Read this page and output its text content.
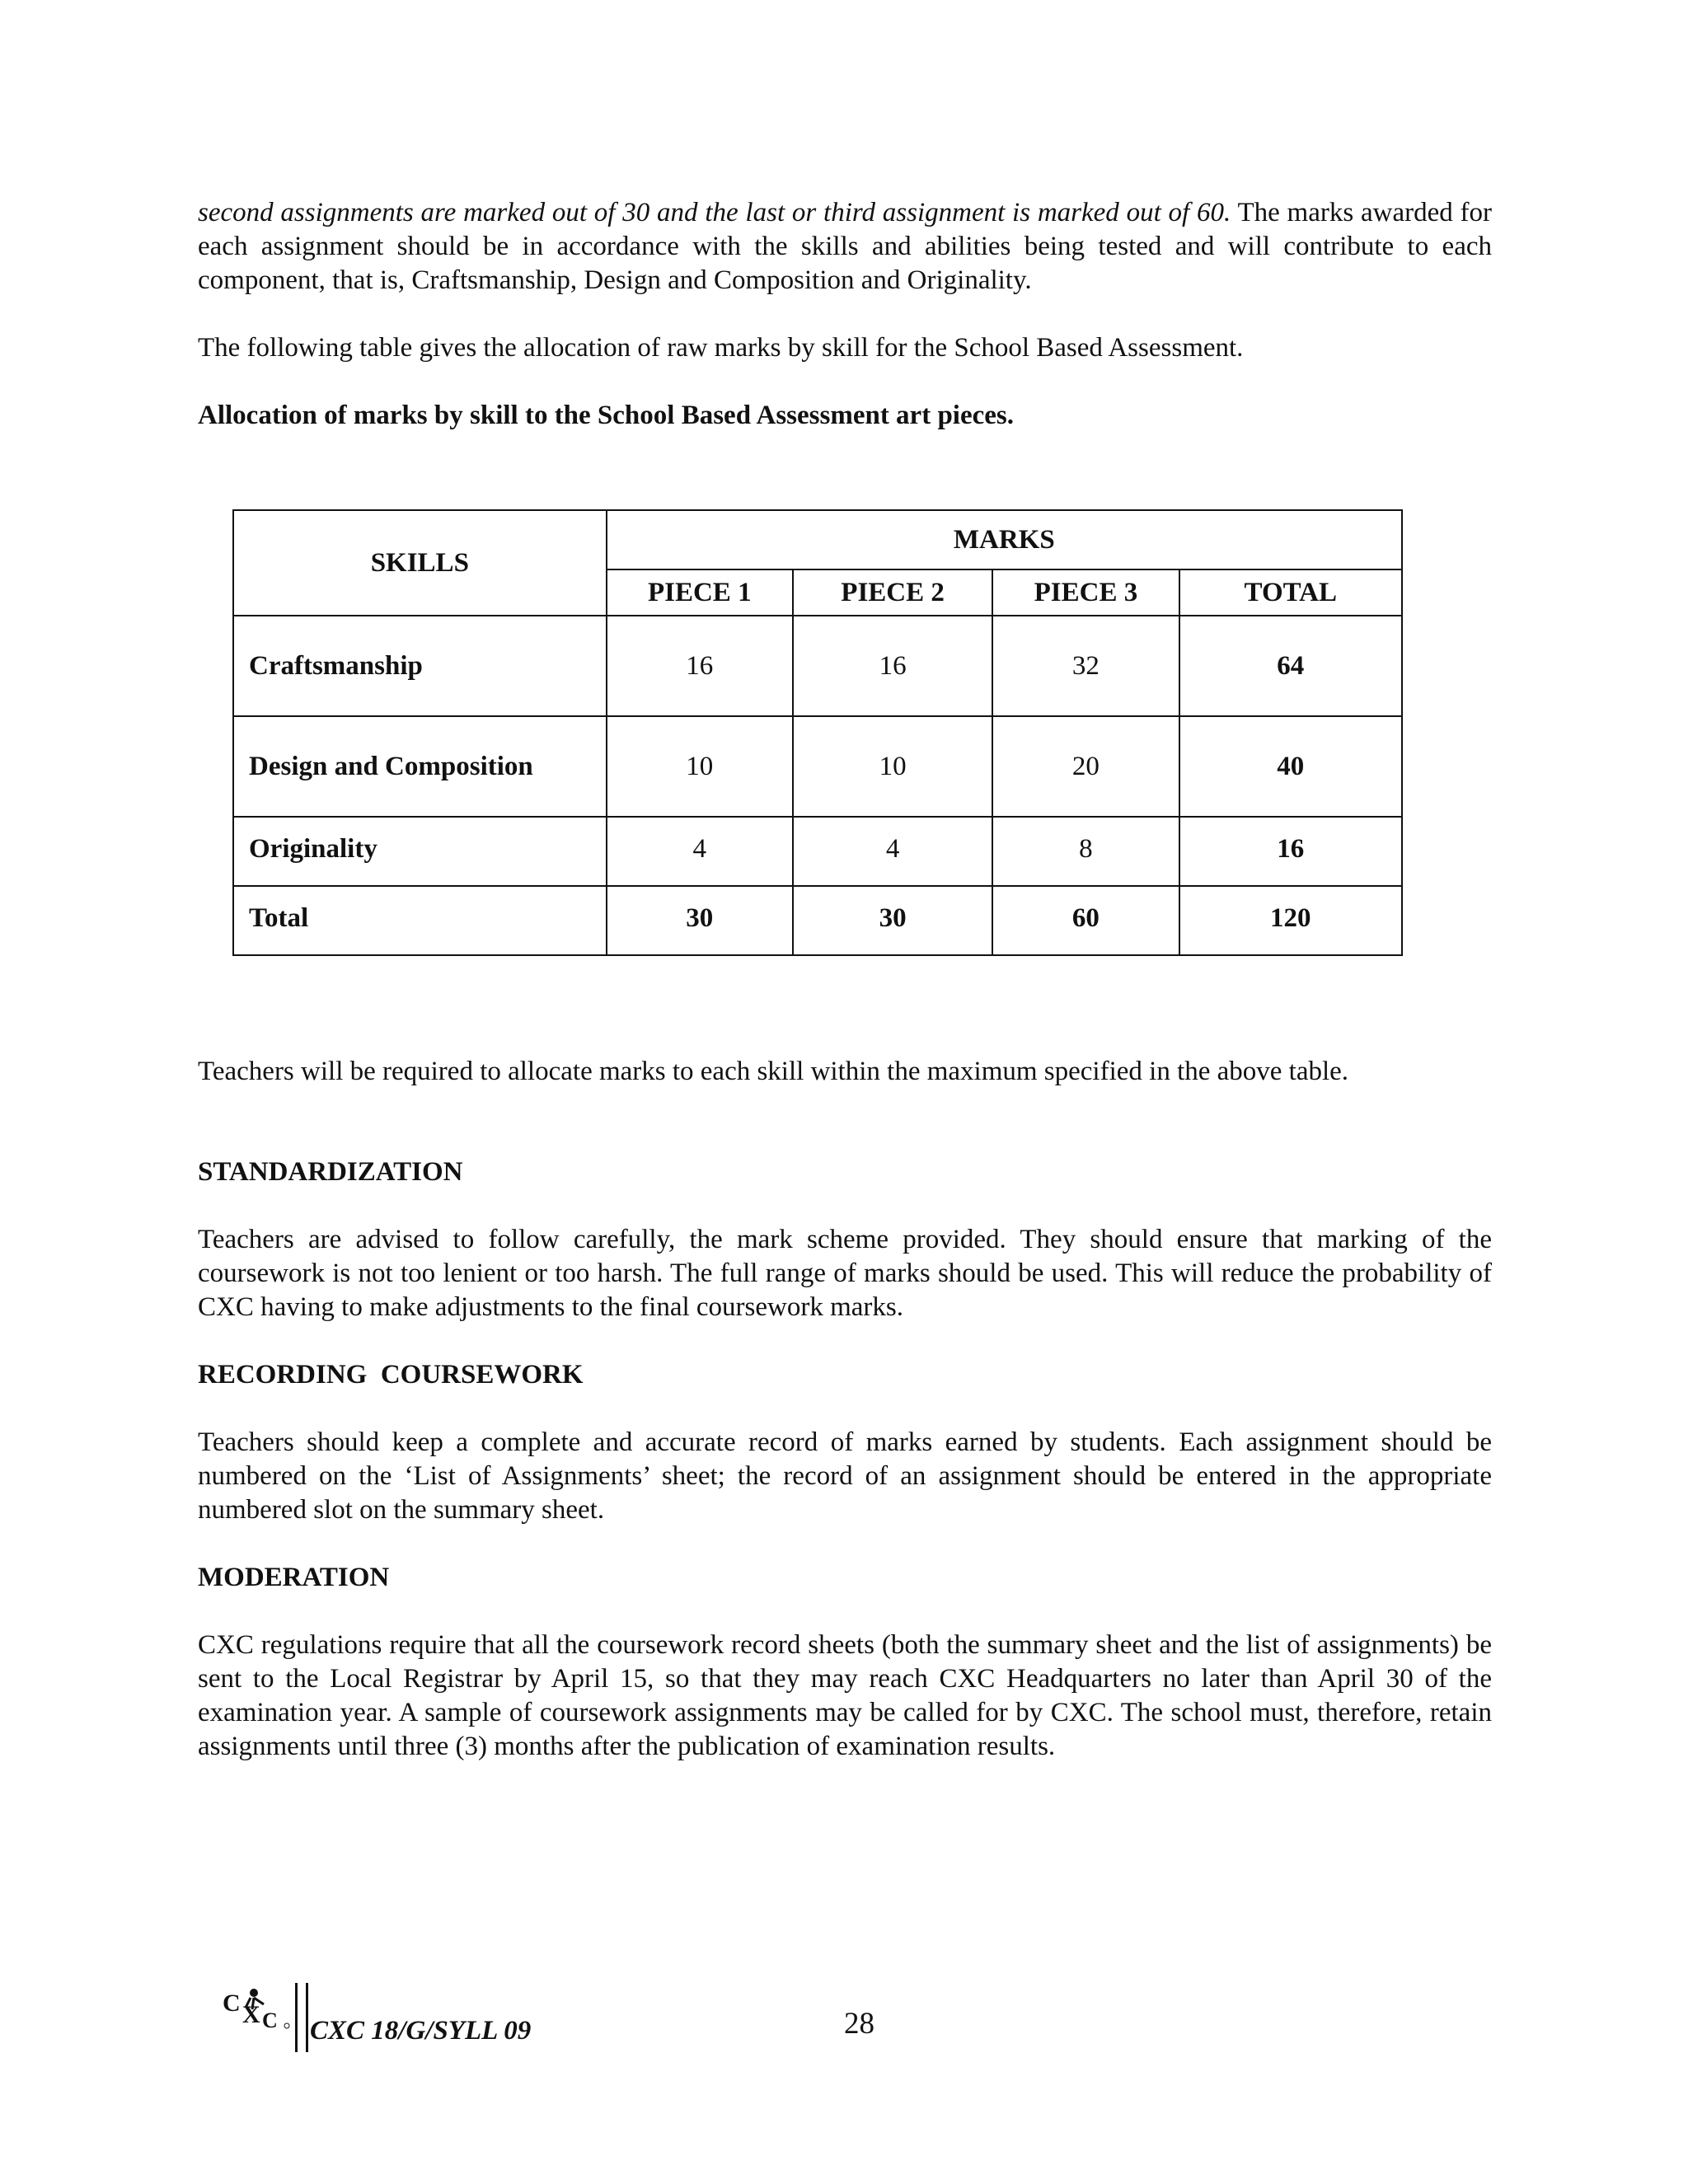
second assignments are marked out of 30 and the last or third assignment is marked out of 60. The marks awarded for each assignment should be in accordance with the skills and abilities being tested and will contribute to each component, that is, Craftsmanship, Design and Composition and Originality.

The following table gives the allocation of raw marks by skill for the School Based Assessment.

Allocation of marks by skill to the School Based Assessment art pieces.
SKILLS	MARKS			
	PIECE 1	PIECE 2	PIECE 3	TOTAL
Craftsmanship	16	16	32	64
Design and Composition	10	10	20	40
Originality	4	4	8	16
Total	30	30	60	120

Teachers will be required to allocate marks to each skill within the maximum specified in the above table.

STANDARDIZATION

Teachers are advised to follow carefully, the mark scheme provided. They should ensure that marking of the coursework is not too lenient or too harsh. The full range of marks should be used. This will reduce the probability of CXC having to make adjustments to the final coursework marks.

RECORDING  COURSEWORK

Teachers should keep a complete and accurate record of marks earned by students. Each assignment should be numbered on the ‘List of Assignments’ sheet; the record of an assignment should be entered in the appropriate numbered slot on the summary sheet.

MODERATION

CXC regulations require that all the coursework record sheets (both the summary sheet and the list of assignments) be sent to the Local Registrar by April 15, so that they may reach CXC Headquarters no later than April 30 of the examination year. A sample of coursework assignments may be called for by CXC. The school must, therefore, retain assignments until three (3) months after the publication of examination results.

C X C CXC 18/G/SYLL 09	28
